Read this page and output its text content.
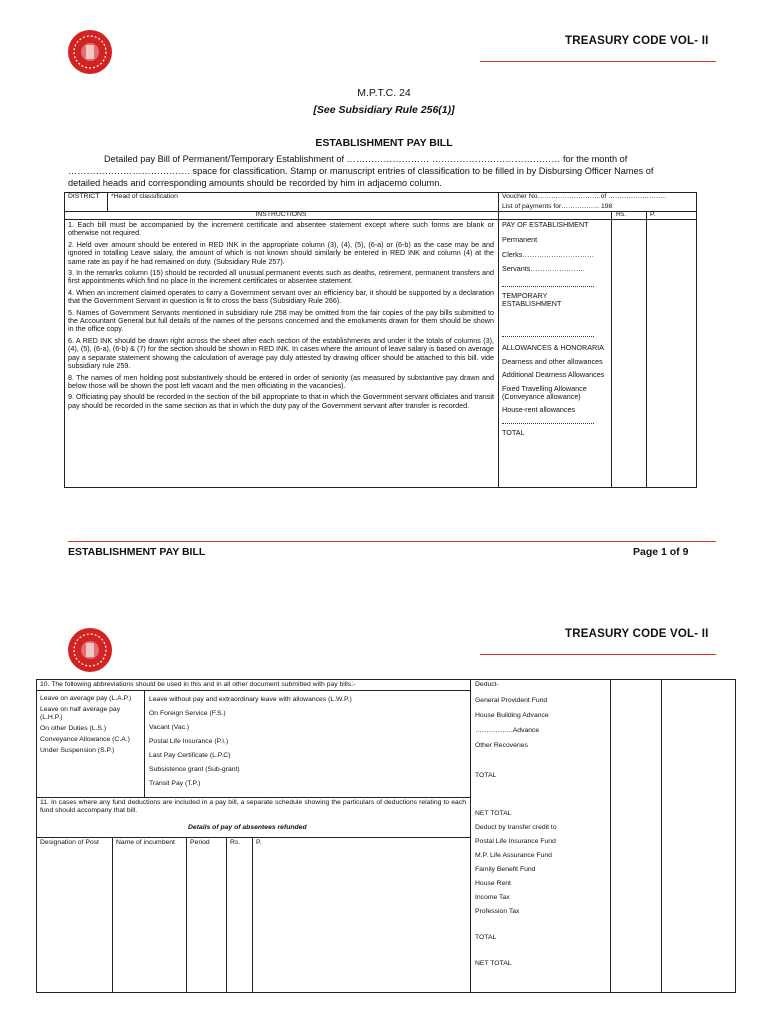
TREASURY CODE VOL- II
M.P.T.C. 24
[See Subsidiary Rule 256(1)]
ESTABLISHMENT PAY BILL
Detailed pay Bill of Permanent/Temporary Establishment of ……………………… …………………………………… for the month of
…………………………………. space for classification. Stamp or manuscript entries of classification to be filled in by Disbursing Officer Names of
detailed heads and corresponding amounts should be recorded by him in adjacemo column.
DISTRICT *Head of classification	Voucher No……………………….of ……………………..
List of payments for…………….. 198
INSTRUCTIONS	Rs.	P.

1. Each bill must be accompanied by the increment certificate and absentee statement except where such forms are blank or otherwise not required.

2. Held over amount should be entered in RED INK in the appropriate column (3), (4), (5), (6-a) or (6-b) as the case may be and ignored in totalling Leave salary, the amount of which is not known should similarly be entered in RED INK and column (4) at the same rate as pay if he had remained on duty. (Subsidiary Rule 257).

3. In the remarks column (15) should be recorded all unusual permanent events such as deaths, retirement, permanent transfers and first appointments which find no place in the increment certificates or absentee statement.

4. When an increment claimed operates to carry a Government servant over an efficiency bar, it should be supported by a declaration that the Government Servant in question is fit to cross the bass (Subsidiary Rule 266).

5. Names of Government Servants mentioned in subsidiary rule 258 may be omitted from the fair copies of the pay bills submitted to the Accountant General but full details of the names of the persons concerned and the emoluments drawn for them should be shown in the office copy.

6. A RED INK should be drawn right across the sheet after each section of the establishments and under it the totals of columns (3), (4), (5), (6-a), (6-b) & (7) for the section should be shown in RED INK. In cases where the amount of leave salary is based on average pay a separate statement showing the calculation of average pay duly attested by drawing officer should be attached to this bill. vide subsidiary rule 259.

8. The names of men holding post substantively should be entered in order of seniority (as measured by substantive pay drawn and below those will be shown the post left vacant and the men officiating in the vacancies).

9. Officiating pay should be recorded in the section of the bill appropriate to that in which the Government servant officiates and transit pay should be recorded in the same section as that in which the duty pay of the Government servant after transfer is recorded.

PAY OF ESTABLISHMENT
Permanent
Clerks…………………………
Servants…………………..
TEMPORARY ESTABLISHMENT
ALLOWANCES & HONORARIA
Dearness and other allowances
Additional Dearness Allowances
Fixed Travelling Allowance (Conveyance allowance)
House-rent allowances
TOTAL
ESTABLISHMENT PAY BILL	Page 1 of 9
TREASURY CODE VOL- II
10. The following abbreviations should be used in this and in all other document submitted with pay bills:-
Leave on average pay (L.A.P.)
Leave on half average pay (L.H.P.)
On other Duties (L.S.)
Conveyance Allowance (C.A.)
Under Suspension (S.P.)
Leave without pay and extraordinary leave with allowances (L.W.P.)
On Foreign Service (F.S.)
Vacant (Vac.)
Postal Life Insurance (P.I.)
Last Pay Certificate (L.P.C)
Subsistence grant (Sub-grant)
Transit Pay (T.P.)
11. In cases where any fund deductions are included in a pay bill, a separate schedule showing the particulars of deductions relating to each fund should accompany that bill.
Details of pay of absentees refunded
Designation of Post	Name of incumbent	Period	Rs. P.
Deduct-
General Provident Fund
House Building Advance
……………..Advance
Other Recoveries
TOTAL
NET TOTAL
Deduct by transfer credit to
Postal Life Insurance Fund
M.P. Life Assurance Fund
Family Benefit Fund
House Rent
Income Tax
Profession Tax
TOTAL
NET TOTAL
